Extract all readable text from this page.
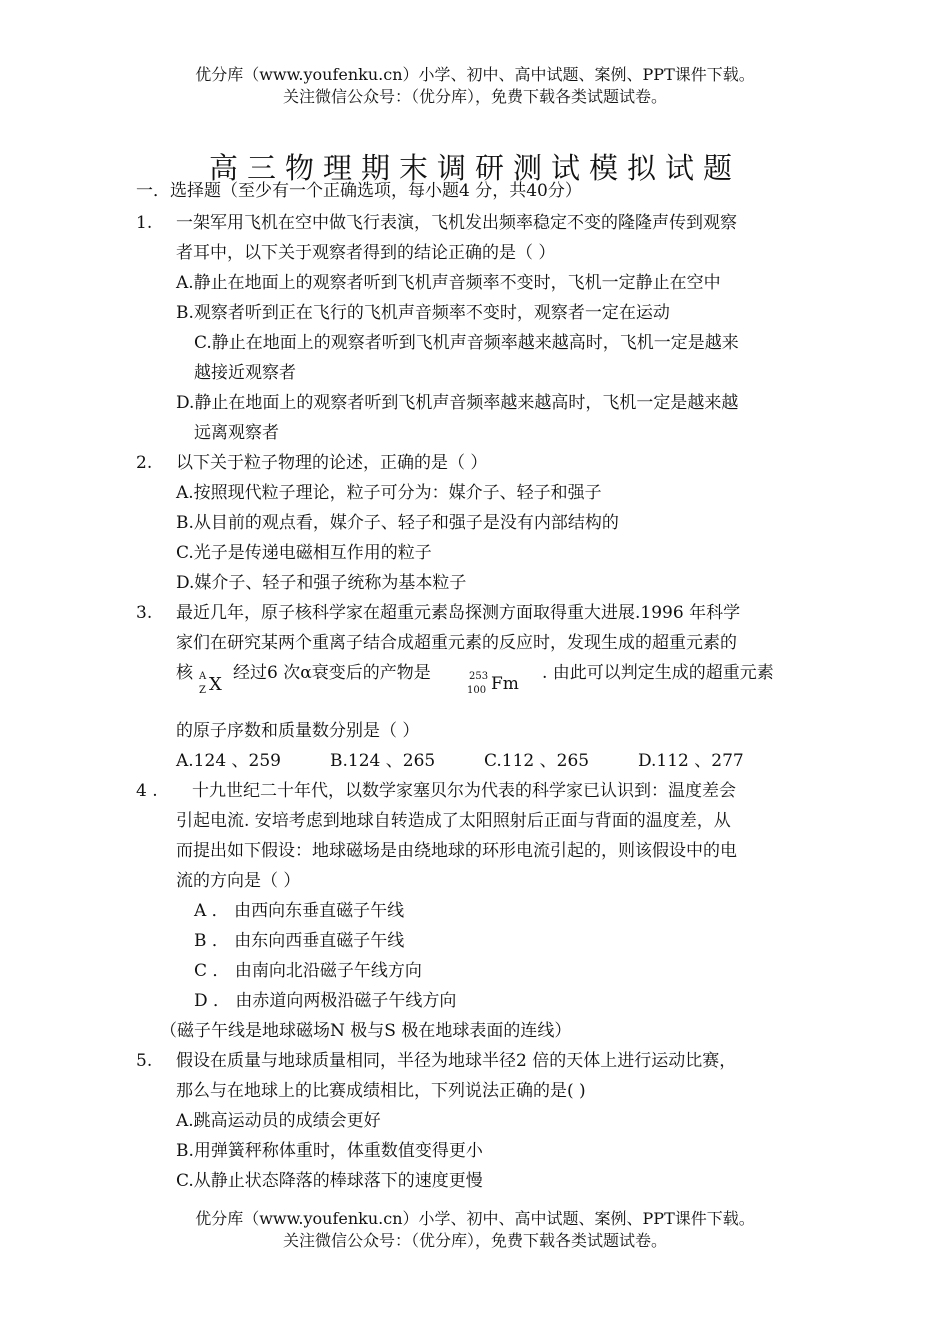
优分库（www.youfenku.cn）小学、初中、高中试题、案例、PPT课件下载。
关注微信公众号：（优分库），免费下载各类试题试卷。
高三物理期末调研测试模拟试题
一．选择题（至少有一个正确选项，每小题4 分，共40分）
1. 一架军用飞机在空中做飞行表演，飞机发出频率稳定不变的隆隆声传到观察
者耳中，以下关于观察者得到的结论正确的是（ ）
A.静止在地面上的观察者听到飞机声音频率不变时，飞机一定静止在空中
B.观察者听到正在飞行的飞机声音频率不变时，观察者一定在运动
C.静止在地面上的观察者听到飞机声音频率越来越高时，飞机一定是越来
越接近观察者
D.静止在地面上的观察者听到飞机声音频率越来越高时，飞机一定是越来越
远离观察者
2. 以下关于粒子物理的论述，正确的是（ ）
A.按照现代粒子理论，粒子可分为：媒介子、轻子和强子
B.从目前的观点看，媒介子、轻子和强子是没有内部结构的
C.光子是传递电磁相互作用的粒子
D.媒介子、轻子和强子统称为基本粒子
3. 最近几年，原子核科学家在超重元素岛探测方面取得重大进展.1996 年科学
家们在研究某两个重离子结合成超重元素的反应时，发现生成的超重元素的
核 A
Z X
经过6 次α衰变后的产物是	253
100 Fm
. 由此可以判定生成的超重元素
的原子序数和质量数分别是（ ）
A.124 、259	B.124 、265	C.112 、265	D.112 、277
4 . 十九世纪二十年代，以数学家塞贝尔为代表的科学家已认识到：温度差会
引起电流. 安培考虑到地球自转造成了太阳照射后正面与背面的温度差，从
而提出如下假设：地球磁场是由绕地球的环形电流引起的，则该假设中的电
流的方向是（ ）
A ． 由西向东垂直磁子午线
B ． 由东向西垂直磁子午线
C ． 由南向北沿磁子午线方向
D ． 由赤道向两极沿磁子午线方向
（磁子午线是地球磁场N 极与S 极在地球表面的连线）
5. 假设在质量与地球质量相同，半径为地球半径2 倍的天体上进行运动比赛，
那么与在地球上的比赛成绩相比，下列说法正确的是( )
A.跳高运动员的成绩会更好
B.用弹簧秤称体重时，体重数值变得更小
C.从静止状态降落的棒球落下的速度更慢
优分库（www.youfenku.cn）小学、初中、高中试题、案例、PPT课件下载。
关注微信公众号：（优分库），免费下载各类试题试卷。
